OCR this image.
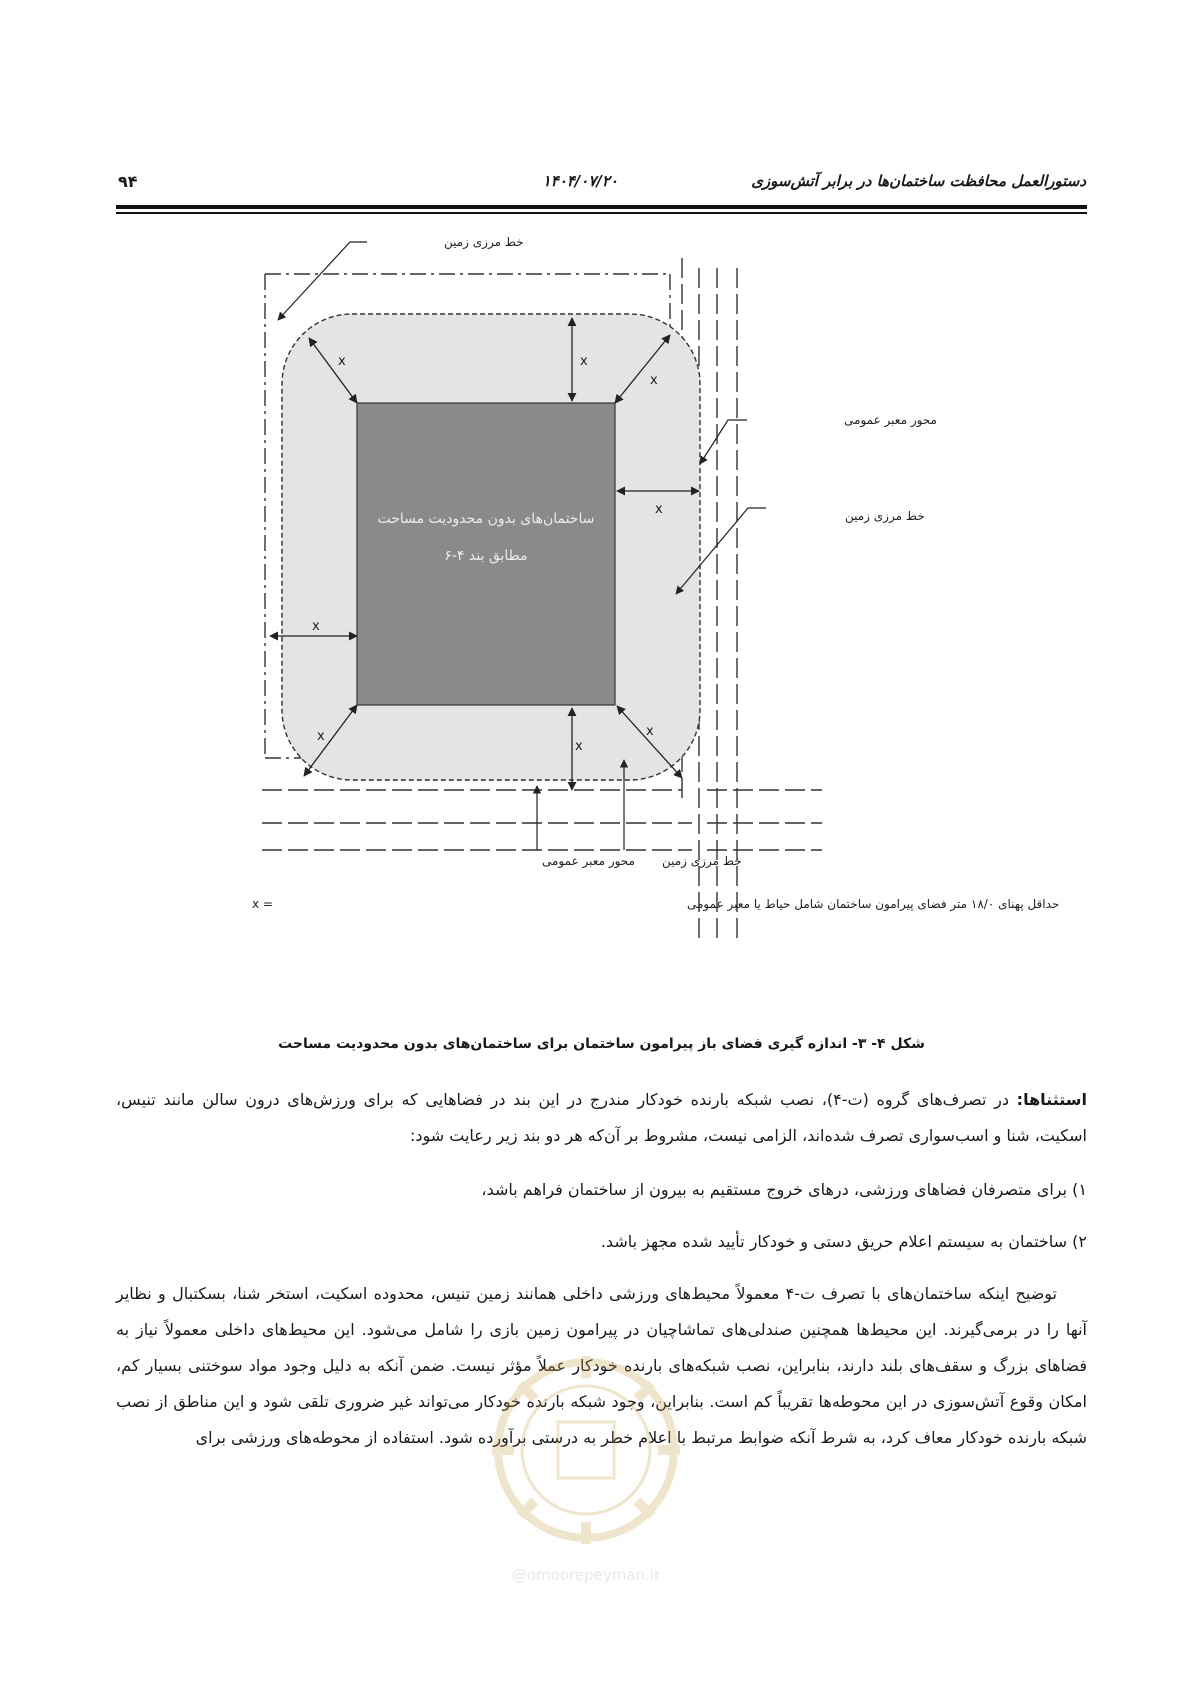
دستورالعمل محافظت ساختمان‌ها در برابر آتش‌سوزی
۱۴۰۴/۰۷/۲۰
۹۴
ساختمان‌های بدون محدودیت مساحت
مطابق بند ۴-۶
x	x
x
x
x
x
x
x
خط مرزی زمین
محور معبر عمومی
خط مرزی زمین
خط مرزی زمین
محور معبر عمومی
حداقل پهنای ۱۸/۰ متر فضای پیرامون ساختمان شامل حیاط یا معبر عمومی
x =
شکل ۴- ۳- اندازه گیری فضای باز پیرامون ساختمان برای ساختمان‌های بدون محدودیت مساحت

استثناها: در تصرف‌های گروه (ت-۴)، نصب شبکه بارنده خودکار مندرج در این بند در فضاهایی که برای ورزش‌های درون سالن مانند تنیس، اسکیت، شنا و اسب‌سواری تصرف شده‌اند، الزامی نیست، مشروط بر آن‌که هر دو بند زیر رعایت شود:

۱) برای متصرفان فضاهای ورزشی، درهای خروج مستقیم به بیرون از ساختمان فراهم باشد،

۲) ساختمان به سیستم اعلام حریق دستی و خودکار تأیید شده مجهز باشد.

توضیح اینکه ساختمان‌های با تصرف ت-۴ معمولاً محیط‌های ورزشی داخلی همانند زمین تنیس، محدوده اسکیت، استخر شنا، بسکتبال و نظایر آنها را در برمی‌گیرند. این محیط‌ها همچنین صندلی‌های تماشاچیان در پیرامون زمین بازی را شامل می‌شود. این محیط‌های داخلی معمولاً نیاز به فضاهای بزرگ و سقف‌های بلند دارند، بنابراین، نصب شبکه‌های بارنده خودکار عملاً مؤثر نیست. ضمن آنکه به دلیل وجود مواد سوختنی بسیار کم، امکان وقوع آتش‌سوزی در این محوطه‌ها تقریباً کم است. بنابراین، وجود شبکه بارنده خودکار می‌تواند غیر ضروری تلقی شود و این مناطق از نصب شبکه بارنده خودکار معاف کرد، به شرط آنکه ضوابط مرتبط با اعلام خطر به درستی برآورده شود. استفاده از محوطه‌های ورزشی برای

@omoorepeyman.ir
